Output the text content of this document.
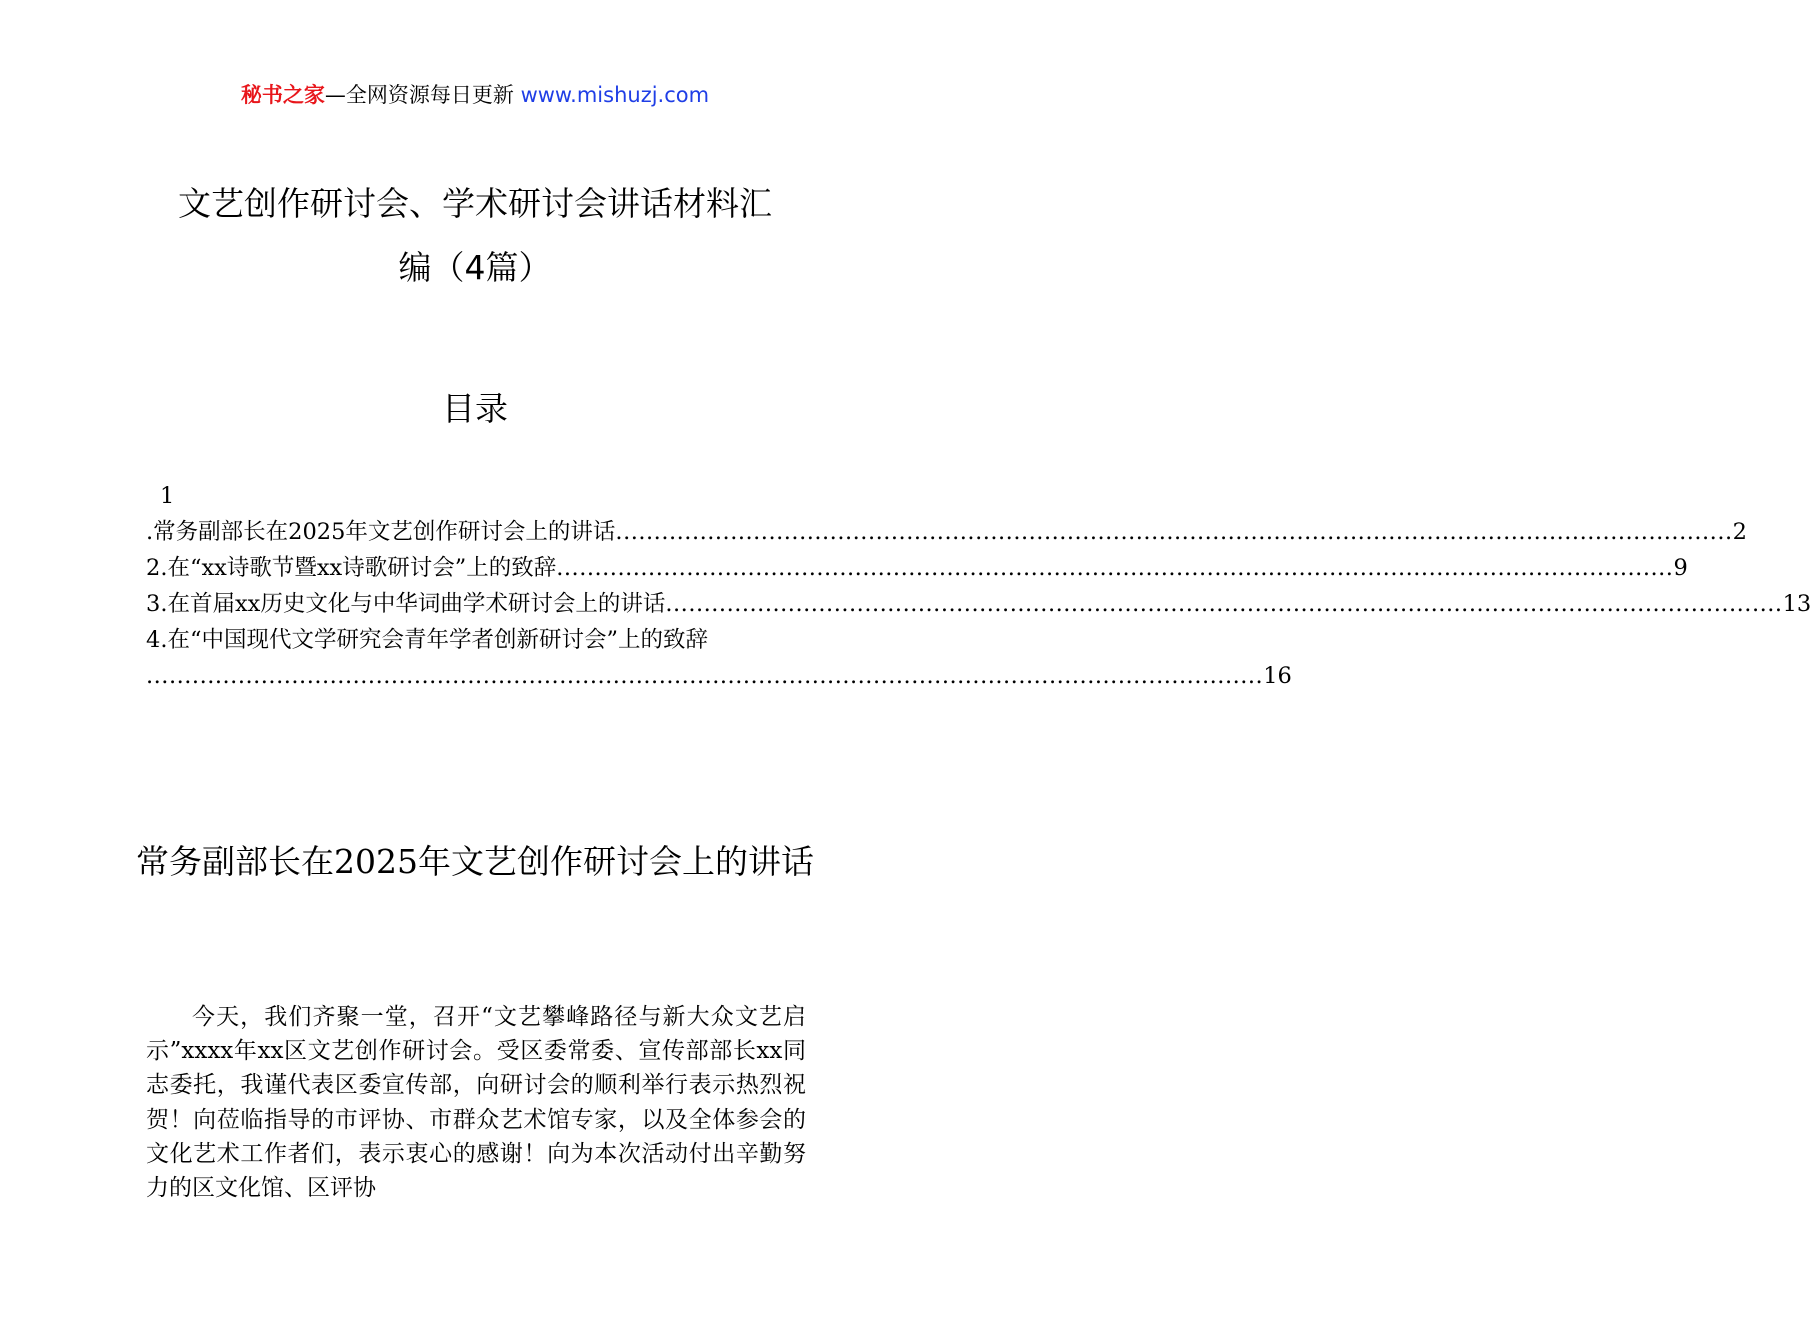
秘书之家—全网资源每日更新 www.mishuzj.com
文艺创作研讨会、学术研讨会讲话材料汇
编（4篇）
目录
1
.常务副部长在2025年文艺创作研讨会上的讲话 .................................................................................................................................................. 2
2.在“xx诗歌节暨xx诗歌研讨会”上的致辞 .................................................................................................................................................. 9
3.在首届xx历史文化与中华词曲学术研讨会上的讲话 .................................................................................................................................................. 13
4.在“中国现代文学研究会青年学者创新研讨会”上的致辞
.................................................................................................................................................. 16
常务副部长在2025年文艺创作研讨会上的讲话

今天，我们齐聚一堂，召开“文艺攀峰路径与新大众文艺启示”xxxx年xx区文艺创作研讨会。受区委常委、宣传部部长xx同志委托，我谨代表区委宣传部，向研讨会的顺利举行表示热烈祝贺！向莅临指导的市评协、市群众艺术馆专家，以及全体参会的文化艺术工作者们，表示衷心的感谢！向为本次活动付出辛勤努力的区文化馆、区评协
